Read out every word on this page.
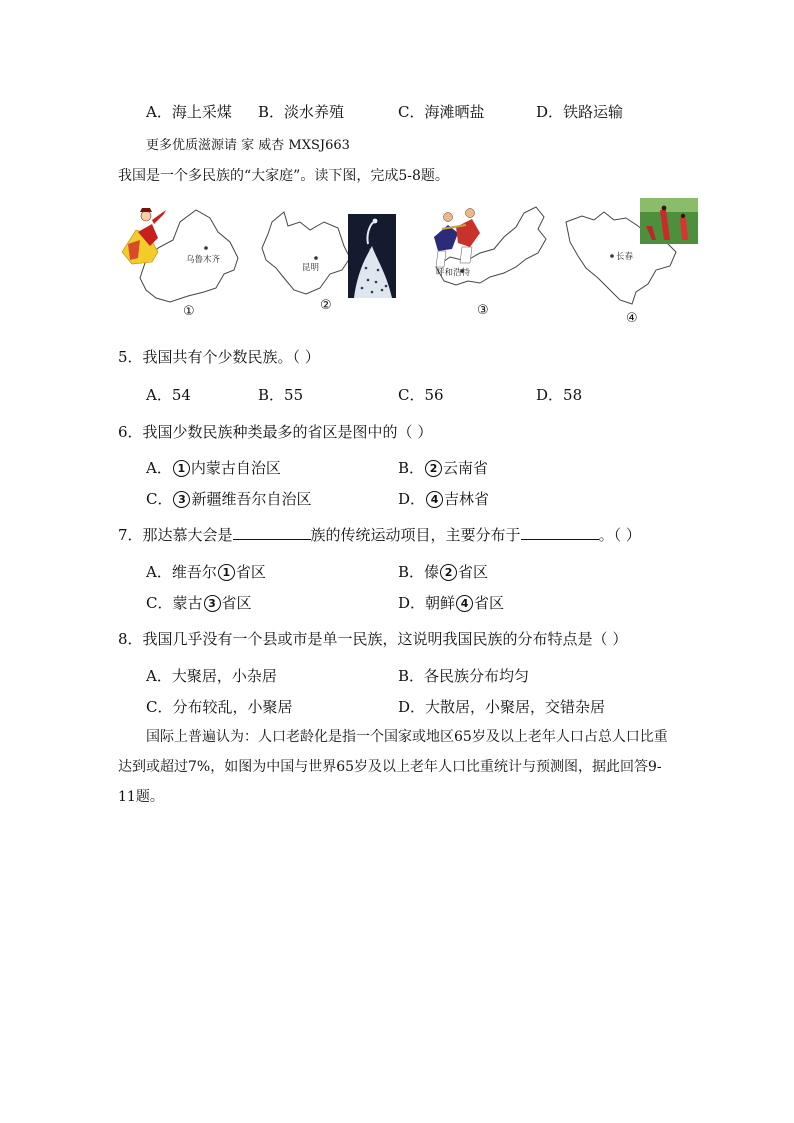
A．海上采煤 B．淡水养殖	C．海滩晒盐	D．铁路运输
更多优质滋源请 家 威杏 MXSJ663
我国是一个多民族的“大家庭”。读下图，完成5-8题。
乌鲁木齐
①
昆明
②
呼和浩特
③
长春
④
5．我国共有个少数民族。（ ）
A．54	B．55	C．56	D．58
6．我国少数民族种类最多的省区是图中的（ ）
A． 1 内蒙古自治区	B． 2 云南省
C． 3 新疆维吾尔自治区	D． 4 吉林省
7．那达慕大会是	族的传统运动项目，主要分布于	。（ ）
A．维吾尔 1 省区	B．傣 2 省区
C．蒙古 3 省区	D．朝鲜 4 省区
8．我国几乎没有一个县或市是单一民族，这说明我国民族的分布特点是（ ）
A．大聚居，小杂居	B．各民族分布均匀
C．分布较乱，小聚居	D．大散居，小聚居，交错杂居
国际上普遍认为：人口老龄化是指一个国家或地区65岁及以上老年人口占总人口比重达到或超过7%，如图为中国与世界65岁及以上老年人口比重统计与预测图，据此回答9-11题。
